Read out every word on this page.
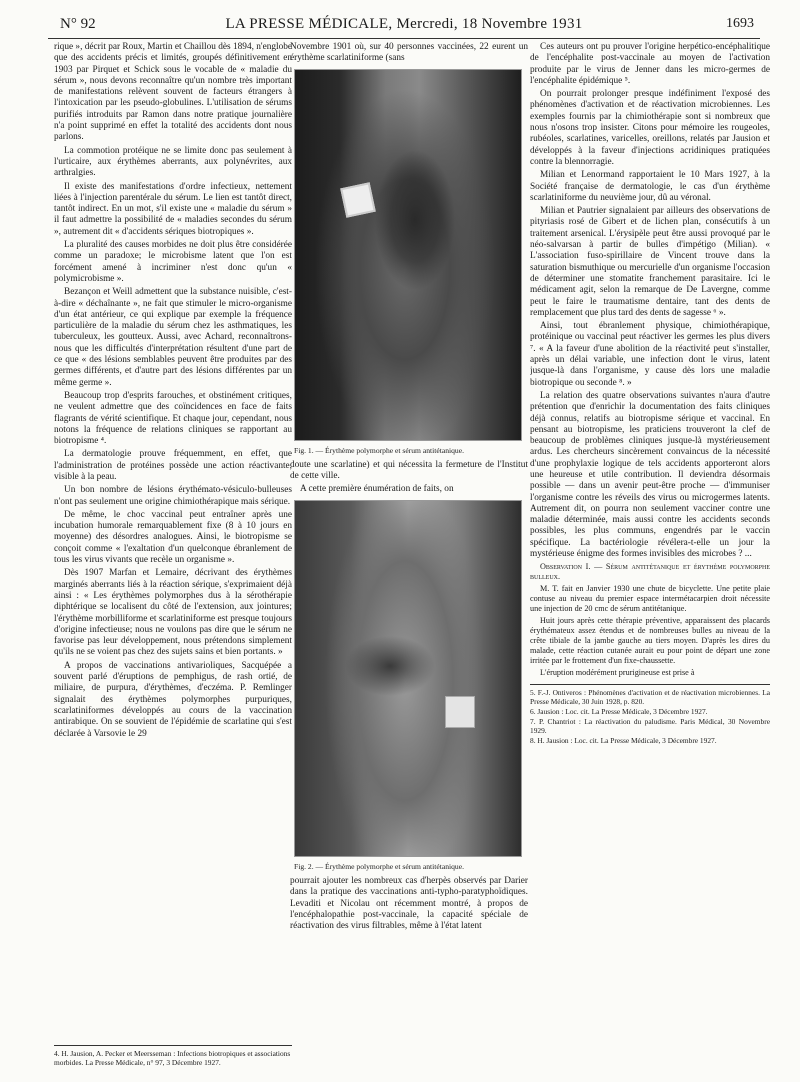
N° 92	LA PRESSE MÉDICALE, Mercredi, 18 Novembre 1931	1693

rique », décrit par Roux, Martin et Chaillou dès 1894, n'englobe que des accidents précis et limités, groupés définitivement en 1903 par Pirquet et Schick sous le vocable de « maladie du sérum », nous devons reconnaître qu'un nombre très important de manifestations relèvent souvent de facteurs étrangers à l'intoxication par les pseudo-globulines. L'utilisation de sérums purifiés introduits par Ramon dans notre pratique journalière n'a point supprimé en effet la totalité des accidents dont nous parlons.

La commotion protéique ne se limite donc pas seulement à l'urticaire, aux érythèmes aberrants, aux polynévrites, aux arthralgies.

Il existe des manifestations d'ordre infectieux, nettement liées à l'injection parentérale du sérum. Le lien est tantôt direct, tantôt indirect. En un mot, s'il existe une « maladie du sérum » il faut admettre la possibilité de « maladies secondes du sérum », autrement dit « d'accidents sériques biotropiques ».

La pluralité des causes morbides ne doit plus être considérée comme un paradoxe; le microbisme latent que l'on est forcément amené à incriminer n'est donc qu'un « polymicrobisme ».

Bezançon et Weill admettent que la substance nuisible, c'est-à-dire « déchaînante », ne fait que stimuler le micro-organisme d'un état antérieur, ce qui explique par exemple la fréquence particulière de la maladie du sérum chez les asthmatiques, les tuberculeux, les goutteux. Aussi, avec Achard, reconnaîtrons-nous que les difficultés d'interprétation résultent d'une part de ce que « des lésions semblables peuvent être produites par des germes différents, et d'autre part des lésions différentes par un même germe ».

Beaucoup trop d'esprits farouches, et obstinément critiques, ne veulent admettre que des coïncidences en face de faits flagrants de vérité scientifique. Et chaque jour, cependant, nous notons la fréquence de relations cliniques se rapportant au biotropisme ⁴.

La dermatologie prouve fréquemment, en effet, que l'administration de protéines possède une action réactivante, visible à la peau.

Un bon nombre de lésions érythémato-vésiculo-bulleuses n'ont pas seulement une origine chimiothérapique mais sérique.

De même, le choc vaccinal peut entraîner après une incubation humorale remarquablement fixe (8 à 10 jours en moyenne) des désordres analogues. Ainsi, le biotropisme se conçoit comme « l'exaltation d'un quelconque ébranlement de tous les virus vivants que recèle un organisme ».

Dès 1907 Marfan et Lemaire, décrivant des érythèmes marginés aberrants liés à la réaction sérique, s'exprimaient déjà ainsi : « Les érythèmes polymorphes dus à la sérothérapie diphtérique se localisent du côté de l'extension, aux jointures; l'érythème morbilliforme et scarlatiniforme est presque toujours d'origine infectieuse; nous ne voulons pas dire que le sérum ne favorise pas leur développement, nous prétendons simplement qu'ils ne se voient pas chez des sujets sains et bien portants. »

A propos de vaccinations antivarioliques, Sacquépée a souvent parlé d'éruptions de pemphigus, de rash ortié, de miliaire, de purpura, d'érythèmes, d'eczéma. P. Remlinger signalait des érythèmes polymorphes purpuriques, scarlatiniformes développés au cours de la vaccination antirabique. On se souvient de l'épidémie de scarlatine qui s'est déclarée à Varsovie le 29

4. H. Jausion, A. Pecker et Meersseman : Infections biotropiques et associations morbides. La Presse Médicale, n° 97, 3 Décembre 1927.

Novembre 1901 où, sur 40 personnes vaccinées, 22 eurent un érythème scarlatiniforme (sans

Fig. 1. — Érythème polymorphe et sérum antitétanique.

doute une scarlatine) et qui nécessita la fermeture de l'Institut de cette ville.

A cette première énumération de faits, on

Fig. 2. — Érythème polymorphe et sérum antitétanique.

pourrait ajouter les nombreux cas d'herpès observés par Darier dans la pratique des vaccinations anti-typho-paratyphoïdiques. Levaditi et Nicolau ont récemment montré, à propos de l'encéphalopathie post-vaccinale, la capacité spéciale de réactivation des virus filtrables, même à l'état latent

Ces auteurs ont pu prouver l'origine herpético-encéphalitique de l'encéphalite post-vaccinale au moyen de l'activation produite par le virus de Jenner dans les micro-germes de l'encéphalite épidémique ⁵.

On pourrait prolonger presque indéfiniment l'exposé des phénomènes d'activation et de réactivation microbiennes. Les exemples fournis par la chimiothérapie sont si nombreux que nous n'osons trop insister. Citons pour mémoire les rougeoles, rubéoles, scarlatines, varicelles, oreillons, relatés par Jausion et développés à la faveur d'injections acridiniques pratiquées contre la blennorragie.

Milian et Lenormand rapportaient le 10 Mars 1927, à la Société française de dermatologie, le cas d'un érythème scarlatiniforme du neuvième jour, dû au véronal.

Milian et Pautrier signalaient par ailleurs des observations de pityriasis rosé de Gibert et de lichen plan, consécutifs à un traitement arsenical. L'érysipèle peut être aussi provoqué par le néo-salvarsan à partir de bulles d'impétigo (Milian). « L'association fuso-spirillaire de Vincent trouve dans la saturation bismuthique ou mercurielle d'un organisme l'occasion de déterminer une stomatite franchement parasitaire. Ici le médicament agit, selon la remarque de De Lavergne, comme peut le faire le traumatisme dentaire, tant des dents de remplacement que plus tard des dents de sagesse ⁶ ».

Ainsi, tout ébranlement physique, chimiothérapique, protéinique ou vaccinal peut réactiver les germes les plus divers ⁷. « A la faveur d'une abolition de la réactivité peut s'installer, après un délai variable, une infection dont le virus, latent jusque-là dans l'organisme, y cause dès lors une maladie biotropique ou seconde ⁸. »

La relation des quatre observations suivantes n'aura d'autre prétention que d'enrichir la documentation des faits cliniques déjà connus, relatifs au biotropisme sérique et vaccinal. En pensant au biotropisme, les praticiens trouveront la clef de beaucoup de problèmes cliniques jusque-là mystérieusement ardus. Les chercheurs sincèrement convaincus de la nécessité d'une prophylaxie logique de tels accidents apporteront alors une heureuse et utile contribution. Il deviendra désormais possible — dans un avenir peut-être proche — d'immuniser l'organisme contre les réveils des virus ou microgermes latents. Autrement dit, on pourra non seulement vacciner contre une maladie déterminée, mais aussi contre les accidents seconds possibles, les plus communs, engendrés par le vaccin spécifique. La bactériologie révélera-t-elle un jour la mystérieuse énigme des formes invisibles des microbes ? ...

Observation I. — Sérum antitétanique et érythème polymorphe bulleux.

M. T. fait en Janvier 1930 une chute de bicyclette. Une petite plaie contuse au niveau du premier espace intermétacarpien droit nécessite une injection de 20 cmc de sérum antitétanique.

Huit jours après cette thérapie préventive, apparaissent des placards érythémateux assez étendus et de nombreuses bulles au niveau de la crête tibiale de la jambe gauche au tiers moyen. D'après les dires du malade, cette réaction cutanée aurait eu pour point de départ une zone irritée par le frottement d'un fixe-chaussette.

L'éruption modérément prurigineuse est prise à

5. F.-J. Ontiveros : Phénomènes d'activation et de réactivation microbiennes. La Presse Médicale, 30 Juin 1928, p. 820.
6. Jausion : Loc. cit. La Presse Médicale, 3 Décembre 1927.
7. P. Chantriot : La réactivation du paludisme. Paris Médical, 30 Novembre 1929.
8. H. Jausion : Loc. cit. La Presse Médicale, 3 Décembre 1927.
